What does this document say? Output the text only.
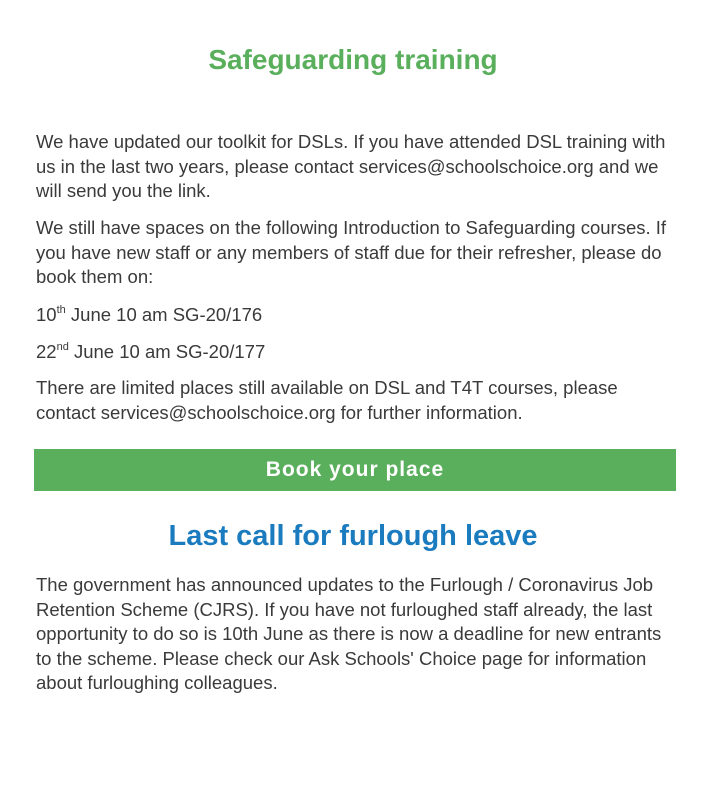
Safeguarding training

We have updated our toolkit for DSLs. If you have attended DSL training with us in the last two years, please contact services@schoolschoice.org and we will send you the link.

We still have spaces on the following Introduction to Safeguarding courses. If you have new staff or any members of staff due for their refresher, please do book them on:

10th June 10 am SG-20/176

22nd June 10 am SG-20/177

There are limited places still available on DSL and T4T courses, please contact services@schoolschoice.org for further information.

Book your place
Last call for furlough leave

The government has announced updates to the Furlough / Coronavirus Job Retention Scheme (CJRS). If you have not furloughed staff already, the last opportunity to do so is 10th June as there is now a deadline for new entrants to the scheme. Please check our Ask Schools' Choice page for information about furloughing colleagues.
